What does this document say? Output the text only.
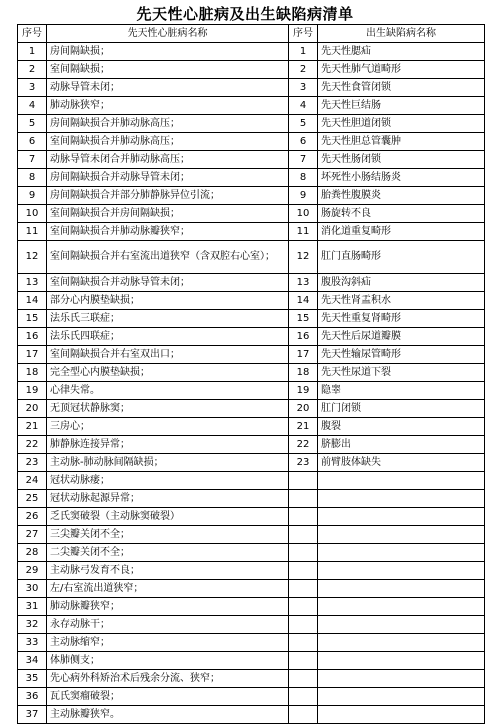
先天性心脏病及出生缺陷病清单
序号	先天性心脏病名称	序号	出生缺陷病名称
1	房间隔缺损；	1	先天性腮疝
2	室间隔缺损；	2	先天性肺气道畸形
3	动脉导管未闭；	3	先天性食管闭锁
4	肺动脉狭窄；	4	先天性巨结肠
5	房间隔缺损合并肺动脉高压；	5	先天性胆道闭锁
6	室间隔缺损合并肺动脉高压；	6	先天性胆总管囊肿
7	动脉导管未闭合并肺动脉高压；	7	先天性肠闭锁
8	房间隔缺损合并动脉导管未闭；	8	坏死性小肠结肠炎
9	房间隔缺损合并部分肺静脉异位引流；	9	胎粪性腹膜炎
10	室间隔缺损合并房间隔缺损；	10	肠旋转不良
11	室间隔缺损合并肺动脉瓣狭窄；	11	消化道重复畸形
12	室间隔缺损合并右室流出道狭窄（含双腔右心室）；	12	肛门直肠畸形
13	室间隔缺损合并动脉导管未闭；	13	腹股沟斜疝
14	部分心内膜垫缺损；	14	先天性肾盂积水
15	法乐氏三联症；	15	先天性重复肾畸形
16	法乐氏四联症；	16	先天性后尿道瓣膜
17	室间隔缺损合并右室双出口；	17	先天性输尿管畸形
18	完全型心内膜垫缺损；	18	先天性尿道下裂
19	心律失常。	19	隐睾
20	无顶冠状静脉窦；	20	肛门闭锁
21	三房心；	21	腹裂
22	肺静脉连接异常；	22	脐膨出
23	主动脉-肺动脉间隔缺损；	23	前臂肢体缺失
24	冠状动脉瘘；		
25	冠状动脉起源异常；		
26	乏氏窦破裂（主动脉窦破裂）		
27	三尖瓣关闭不全；		
28	二尖瓣关闭不全；		
29	主动脉弓发育不良；		
30	左/右室流出道狭窄；		
31	肺动脉瓣狭窄；		
32	永存动脉干；		
33	主动脉缩窄；		
34	体肺侧支；		
35	先心病外科矫治术后残余分流、狭窄；		
36	瓦氏窦瘤破裂；		
37	主动脉瓣狭窄。		
